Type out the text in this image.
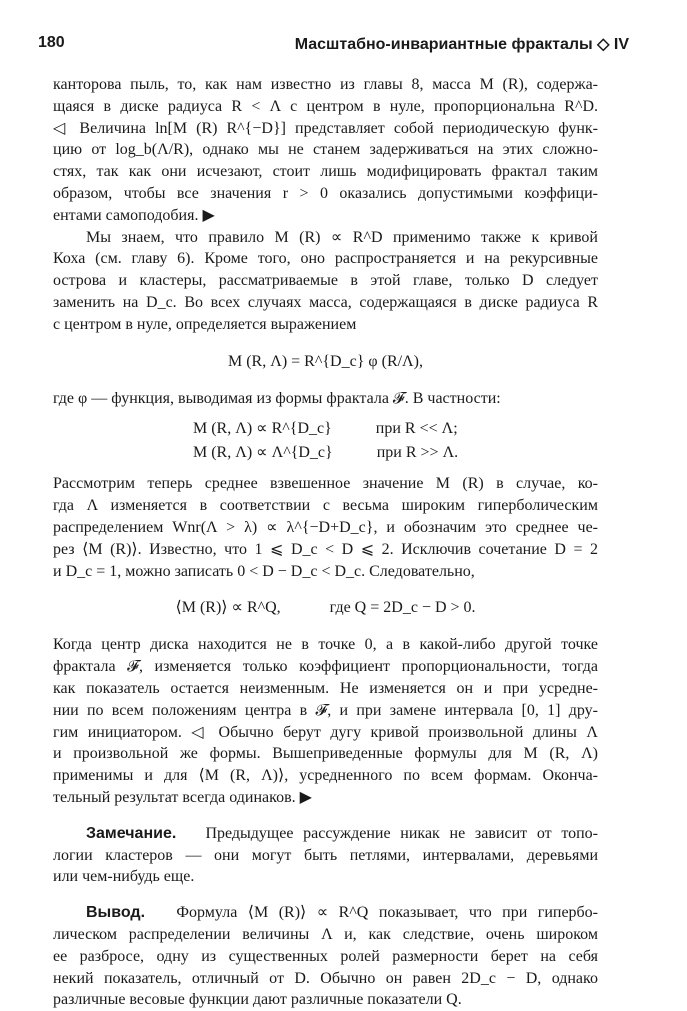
180	Масштабно-инвариантные фракталы ◇ IV
канторова пыль, то, как нам известно из главы 8, масса M (R), содержа-
щаяся в диске радиуса R < Λ с центром в нуле, пропорциональна R^D.
◁ Величина ln[M (R) R^{−D}] представляет собой периодическую функ-
цию от log_b(Λ/R), однако мы не станем задерживаться на этих сложно-
стях, так как они исчезают, стоит лишь модифицировать фрактал таким
образом, чтобы все значения r > 0 оказались допустимыми коэффици-
ентами самоподобия. ▶
Мы знаем, что правило M (R) ∝ R^D применимо также к кривой
Коха (см. главу 6). Кроме того, оно распространяется и на рекурсивные
острова и кластеры, рассматриваемые в этой главе, только D следует
заменить на D_c. Во всех случаях масса, содержащаяся в диске радиуса R
с центром в нуле, определяется выражением
M (R, Λ) = R^{D_c} φ (R/Λ),
где φ — функция, выводимая из формы фрактала 𝓕. В частности:
M (R, Λ) ∝ R^{D_c}	при R << Λ;
M (R, Λ) ∝ Λ^{D_c}	при R >> Λ.
Рассмотрим теперь среднее взвешенное значение M (R) в случае, ко-
гда Λ изменяется в соответствии с весьма широким гиперболическим
распределением Wnr(Λ > λ) ∝ λ^{−D+D_c}, и обозначим это среднее че-
рез ⟨M (R)⟩. Известно, что 1 ⩽ D_c < D ⩽ 2. Исключив сочетание D = 2
и D_c = 1, можно записать 0 < D − D_c < D_c. Следовательно,
⟨M (R)⟩ ∝ R^Q,	где Q = 2D_c − D > 0.
Когда центр диска находится не в точке 0, а в какой-либо другой точке
фрактала 𝓕, изменяется только коэффициент пропорциональности, тогда
как показатель остается неизменным. Не изменяется он и при усредне-
нии по всем положениям центра в 𝓕, и при замене интервала [0, 1] дру-
гим инициатором. ◁ Обычно берут дугу кривой произвольной длины Λ
и произвольной же формы. Вышеприведенные формулы для M (R, Λ)
применимы и для ⟨M (R, Λ)⟩, усредненного по всем формам. Оконча-
тельный результат всегда одинаков. ▶
Замечание. Предыдущее рассуждение никак не зависит от топо-
логии кластеров — они могут быть петлями, интервалами, деревьями
или чем-нибудь еще.
Вывод. Формула ⟨M (R)⟩ ∝ R^Q показывает, что при гипербо-
лическом распределении величины Λ и, как следствие, очень широком
ее разбросе, одну из существенных ролей размерности берет на себя
некий показатель, отличный от D. Обычно он равен 2D_c − D, однако
различные весовые функции дают различные показатели Q.
